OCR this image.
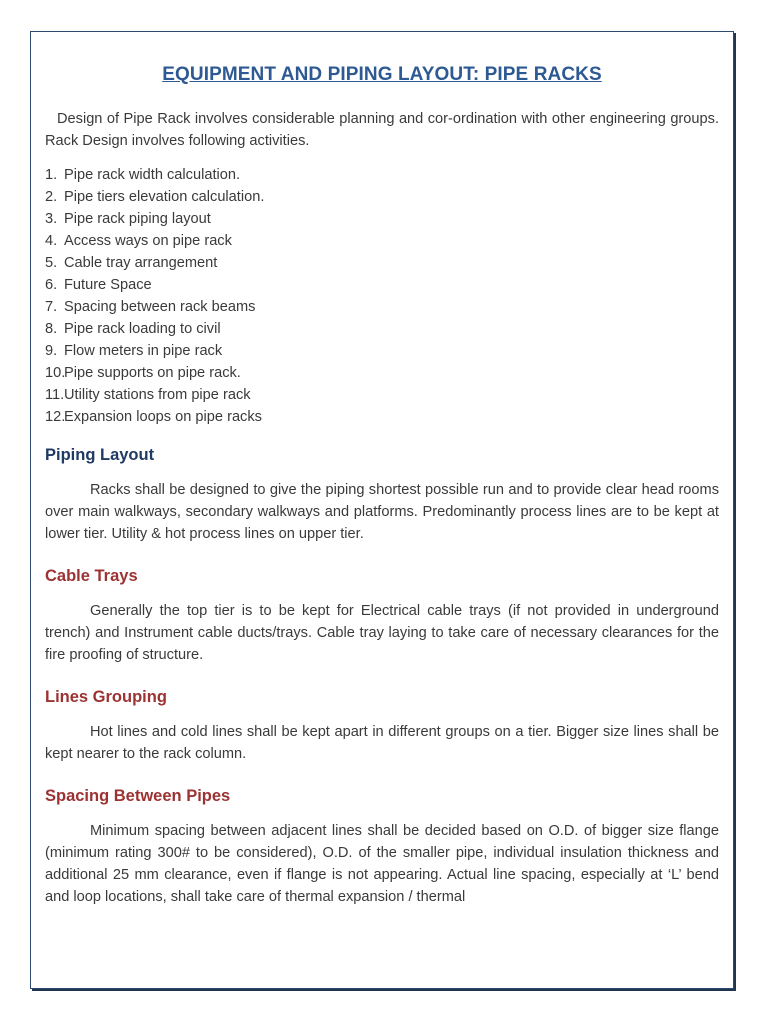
EQUIPMENT AND PIPING LAYOUT: PIPE RACKS

Design of Pipe Rack involves considerable planning and cor-ordination with other engineering groups. Rack Design involves following activities.

1. Pipe rack width calculation.
2. Pipe tiers elevation calculation.
3. Pipe rack piping layout
4. Access ways on pipe rack
5. Cable tray arrangement
6. Future Space
7. Spacing between rack beams
8. Pipe rack loading to civil
9. Flow meters in pipe rack
10.
Pipe supports on pipe rack.
11. Utility stations from pipe rack
12.
Expansion loops on pipe racks
Piping Layout

Racks shall be designed to give the piping shortest possible run and to provide clear head rooms over main walkways, secondary walkways and platforms. Predominantly process lines are to be kept at lower tier. Utility & hot process lines on upper tier.

Cable Trays

Generally the top tier is to be kept for Electrical cable trays (if not provided in underground trench) and Instrument cable ducts/trays. Cable tray laying to take care of necessary clearances for the fire proofing of structure.

Lines Grouping

Hot lines and cold lines shall be kept apart in different groups on a tier. Bigger size lines shall be kept nearer to the rack column.

Spacing Between Pipes

Minimum spacing between adjacent lines shall be decided based on O.D. of bigger size flange (minimum rating 300# to be considered), O.D. of the smaller pipe, individual insulation thickness and additional 25 mm clearance, even if flange is not appearing. Actual line spacing, especially at ‘L’ bend and loop locations, shall take care of thermal expansion / thermal
